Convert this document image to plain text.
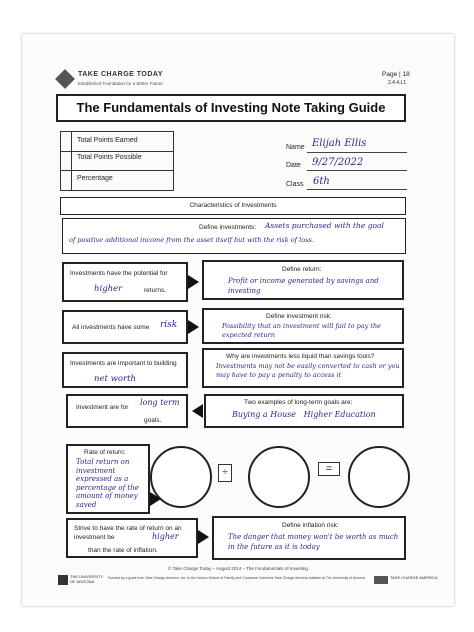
TAKE CHARGE TODAY
Established Foundation for a Better Future
Page | 18
2.4.4.L1
The Fundamentals of Investing Note Taking Guide
Total Points Earned
Total Points Possible
Percentage
Name Elijah Ellis
Date 9/27/2022
Class 6th
Characteristics of Investments
Define investments: Assets purchased with the goal
of positive additional income from the asset itself but with the risk of loss.
Investments have the potential for
higher	returns.
Define return:
Profit or income generated by savings and investing
All investments have some risk
Define investment risk:
Possibility that an investment will fail to pay the expected return
Investments are important to building
net worth
Why are investments less liquid than savings tools?
Investments may not be easily converted to cash or you may have to pay a penalty to access it
Investment are for
long term
goals.
Two examples of long-term goals are:
Buying a House   Higher Education
Rate of return:
Total return on investment expressed as a percentage of the amount of money saved
÷	=
Strive to have the rate of return on an investment be	higher
than the rate of inflation.
Define inflation risk:
The danger that money won't be worth as much in the future as it is today
© Take Charge Today – August 2014 – The Fundamentals of Investing
THE UNIVERSITY OF ARIZONA
Funded by a grant from Take Charge America, Inc. to the Norton School of Family and Consumer Sciences Take Charge America Institute at The University of Arizona	TAKE CHARGE AMERICA
